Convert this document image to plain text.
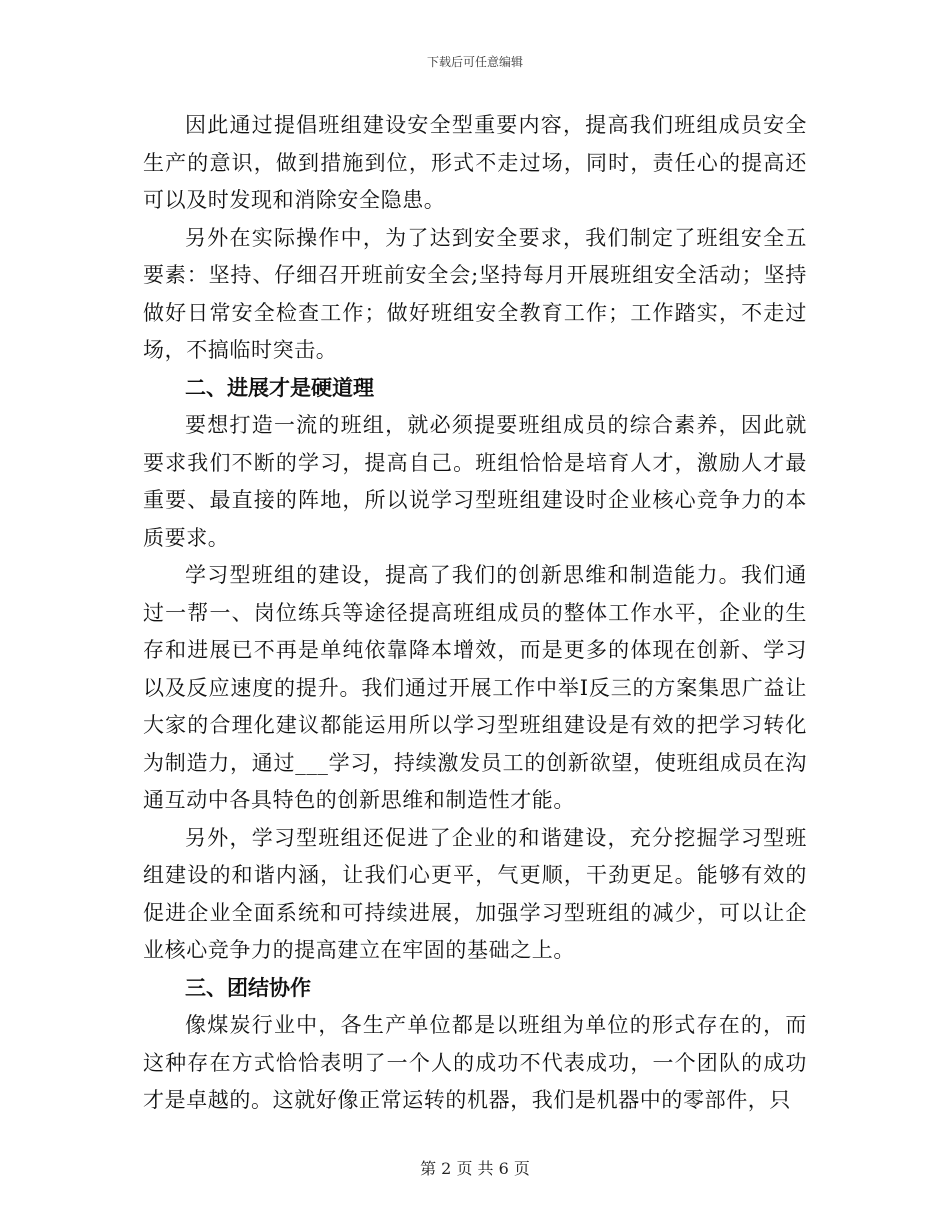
下载后可任意编辑

因此通过提倡班组建设安全型重要内容，提高我们班组成员安全生产的意识，做到措施到位，形式不走过场，同时，责任心的提高还可以及时发现和消除安全隐患。

另外在实际操作中，为了达到安全要求，我们制定了班组安全五要素：坚持、仔细召开班前安全会;坚持每月开展班组安全活动；坚持做好日常安全检查工作；做好班组安全教育工作；工作踏实，不走过场，不搞临时突击。

二、进展才是硬道理

要想打造一流的班组，就必须提要班组成员的综合素养，因此就要求我们不断的学习，提高自己。班组恰恰是培育人才，激励人才最重要、最直接的阵地，所以说学习型班组建设时企业核心竞争力的本质要求。

学习型班组的建设，提高了我们的创新思维和制造能力。我们通过一帮一、岗位练兵等途径提高班组成员的整体工作水平，企业的生存和进展已不再是单纯依靠降本增效，而是更多的体现在创新、学习以及反应速度的提升。我们通过开展工作中举Ⅰ反三的方案集思广益让大家的合理化建议都能运用所以学习型班组建设是有效的把学习转化为制造力，通过___学习，持续激发员工的创新欲望，使班组成员在沟通互动中各具特色的创新思维和制造性才能。

另外，学习型班组还促进了企业的和谐建设，充分挖掘学习型班组建设的和谐内涵，让我们心更平，气更顺，干劲更足。能够有效的促进企业全面系统和可持续进展，加强学习型班组的减少，可以让企业核心竞争力的提高建立在牢固的基础之上。

三、团结协作

像煤炭行业中，各生产单位都是以班组为单位的形式存在的，而这种存在方式恰恰表明了一个人的成功不代表成功，一个团队的成功才是卓越的。这就好像正常运转的机器，我们是机器中的零部件，只

第 2 页 共 6 页
